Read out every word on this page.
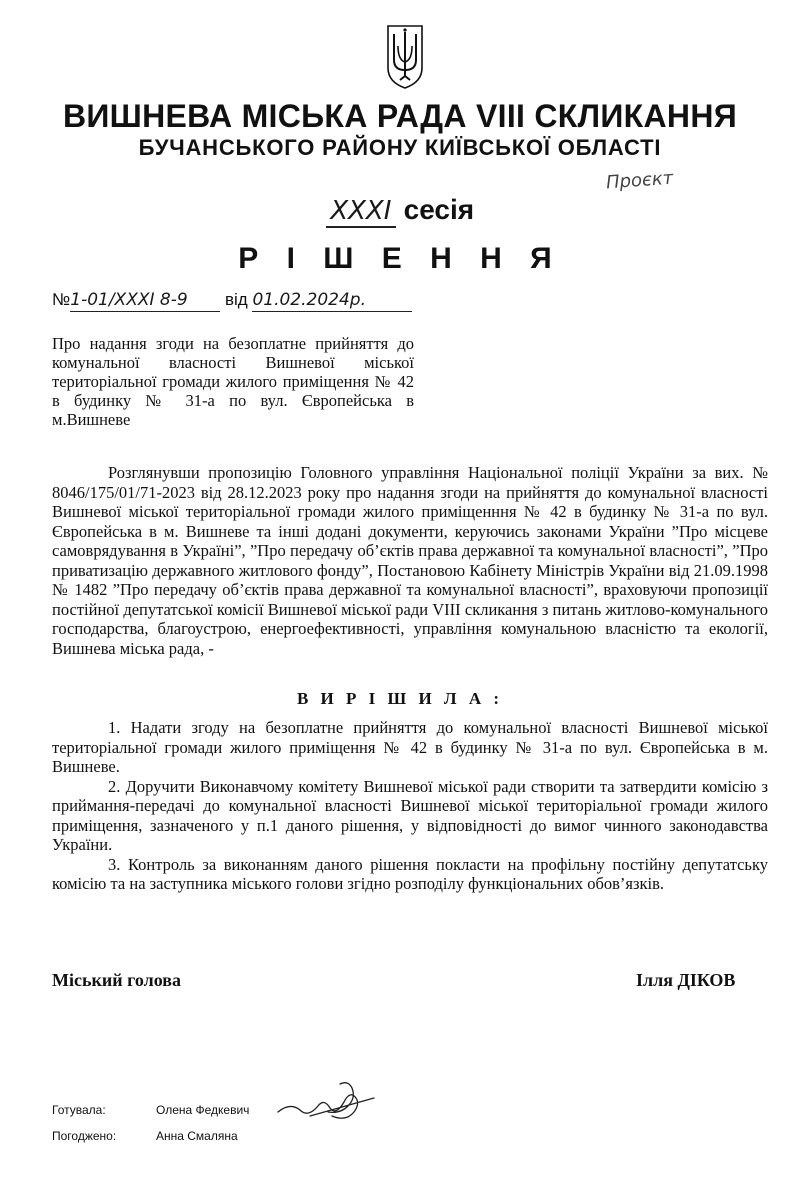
ВИШНЕВА МІСЬКА РАДА VIII СКЛИКАННЯ
БУЧАНСЬКОГО РАЙОНУ КИЇВСЬКОЇ ОБЛАСТІ
XXXI сесія
Проєкт
Р І Ш Е Н Н Я
№1-01/XXXI 8-9 від 01.02.2024р.
Про надання згоди на безоплатне прийняття до комунальної власності Вишневої міської територіальної громади жилого приміщення № 42 в будинку № 31-а по вул. Європейська в м.Вишневе

Розглянувши пропозицію Головного управління Національної поліції України за вих. № 8046/175/01/71-2023 від 28.12.2023 року про надання згоди на прийняття до комунальної власності Вишневої міської територіальної громади жилого приміщенння № 42 в будинку № 31-а по вул. Європейська в м. Вишневе та інші додані документи, керуючись законами України ”Про місцеве самоврядування в Україні”, ”Про передачу об’єктів права державної та комунальної власності”, ”Про приватизацію державного житлового фонду”, Постановою Кабінету Міністрів України від 21.09.1998 № 1482 ”Про передачу об’єктів права державної та комунальної власності”, враховуючи пропозиції постійної депутатської комісії Вишневої міської ради VIII скликання з питань житлово-комунального господарства, благоустрою, енергоефективності, управління комунальною власністю та екології, Вишнева міська рада, -

В И Р І Ш И Л А :
1. Надати згоду на безоплатне прийняття до комунальної власності Вишневої міської територіальної громади жилого приміщення № 42 в будинку № 31-а по вул. Європейська в м. Вишневе.
2. Доручити Виконавчому комітету Вишневої міської ради створити та затвердити комісію з приймання-передачі до комунальної власності Вишневої міської територіальної громади жилого приміщення, зазначеного у п.1 даного рішення, у відповідності до вимог чинного законодавства України.
3. Контроль за виконанням даного рішення покласти на профільну постійну депутатську комісію та на заступника міського голови згідно розподілу функціональних обов’язків.
Міський голова	Ілля ДІКОВ
Готувала:	Олена Федкевич
Погоджено:	Анна Смаляна
